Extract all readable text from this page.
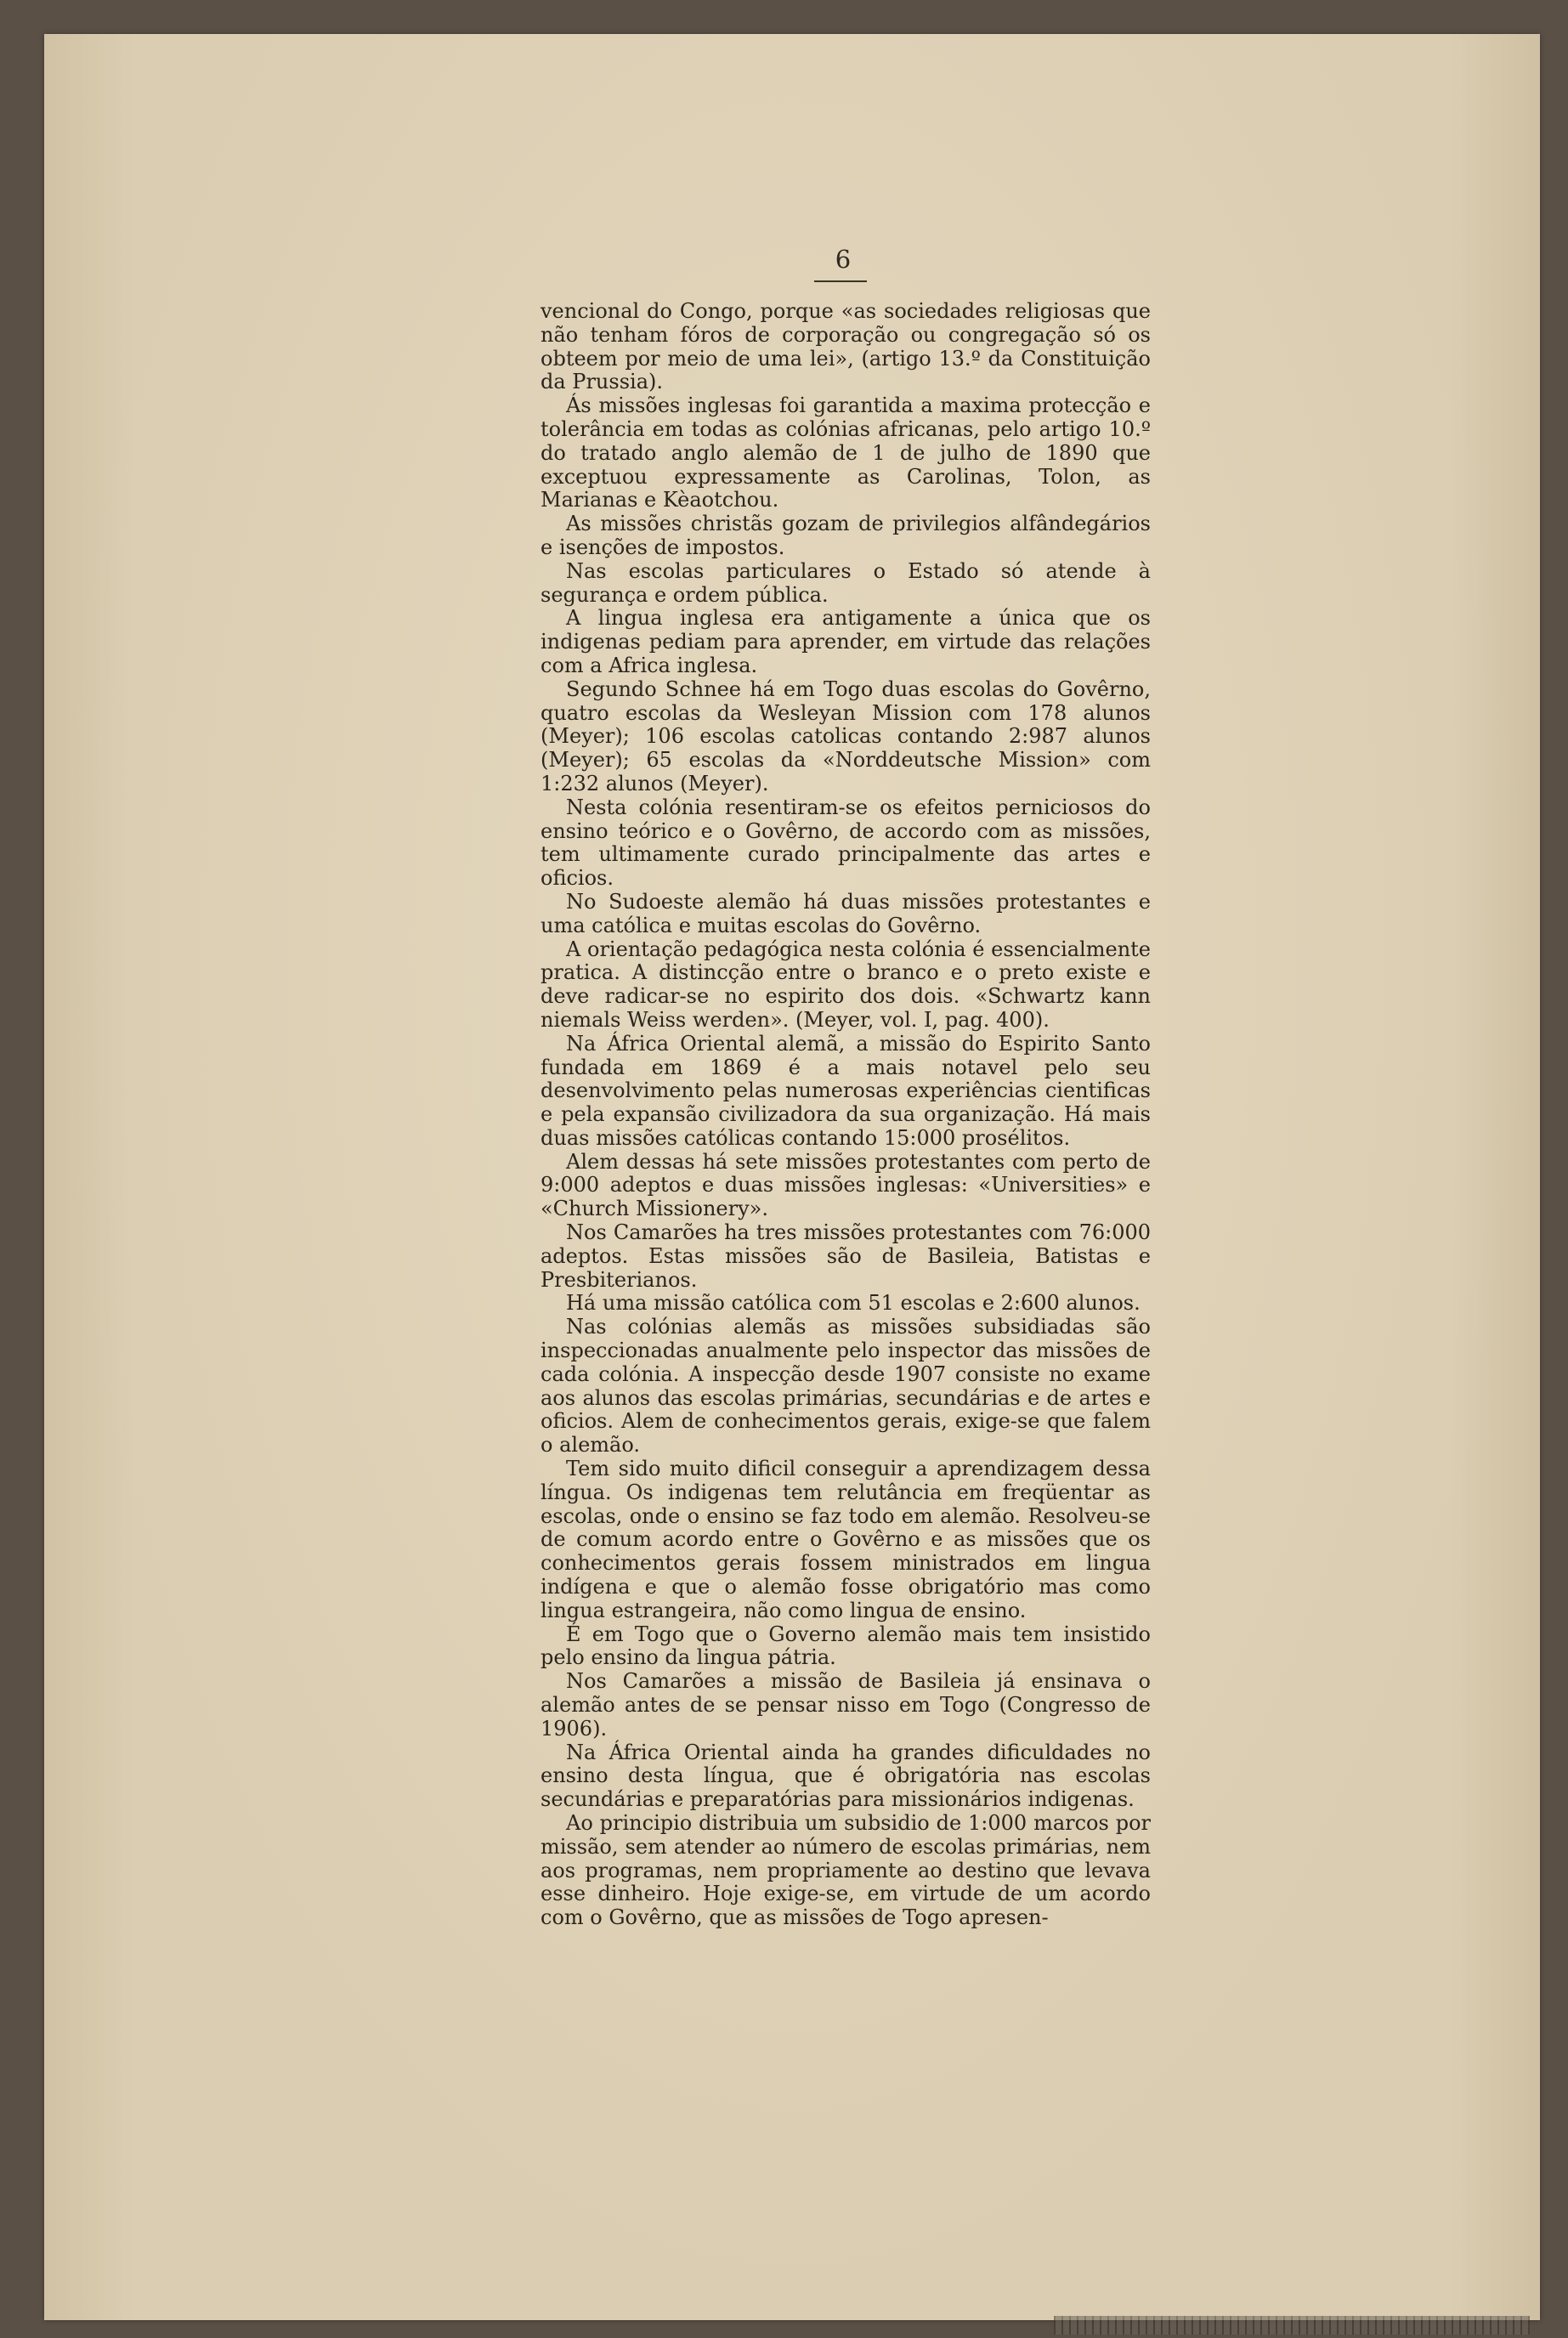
6

vencional do Congo, porque «as sociedades religiosas que não tenham fóros de corporação ou congregação só os obteem por meio de uma lei», (artigo 13.º da Constituição da Prussia).

Ás missões inglesas foi garantida a maxima protecção e tolerância em todas as colónias africanas, pelo artigo 10.º do tratado anglo alemão de 1 de julho de 1890 que exceptuou expressamente as Carolinas, Tolon, as Marianas e Kèaotchou.

As missões christãs gozam de privilegios alfândegários e isenções de impostos.

Nas escolas particulares o Estado só atende à segurança e ordem pública.

A lingua inglesa era antigamente a única que os indigenas pediam para aprender, em virtude das relações com a Africa inglesa.

Segundo Schnee há em Togo duas escolas do Govêrno, quatro escolas da Wesleyan Mission com 178 alunos (Meyer); 106 escolas catolicas contando 2:987 alunos (Meyer); 65 escolas da «Norddeutsche Mission» com 1:232 alunos (Meyer).

Nesta colónia resentiram-se os efeitos perniciosos do ensino teórico e o Govêrno, de accordo com as missões, tem ultimamente curado principalmente das artes e oficios.

No Sudoeste alemão há duas missões protestantes e uma católica e muitas escolas do Govêrno.

A orientação pedagógica nesta colónia é essencialmente pratica. A distincção entre o branco e o preto existe e deve radicar-se no espirito dos dois. «Schwartz kann niemals Weiss werden». (Meyer, vol. I, pag. 400).

Na África Oriental alemã, a missão do Espirito Santo fundada em 1869 é a mais notavel pelo seu desenvolvimento pelas numerosas experiências cientificas e pela expansão civilizadora da sua organização. Há mais duas missões católicas contando 15:000 prosélitos.

Alem dessas há sete missões protestantes com perto de 9:000 adeptos e duas missões inglesas: «Universities» e «Church Missionery».

Nos Camarões ha tres missões protestantes com 76:000 adeptos. Estas missões são de Basileia, Batistas e Presbiterianos.

Há uma missão católica com 51 escolas e 2:600 alunos.

Nas colónias alemãs as missões subsidiadas são inspeccionadas anualmente pelo inspector das missões de cada colónia. A inspecção desde 1907 consiste no exame aos alunos das escolas primárias, secundárias e de artes e oficios. Alem de conhecimentos gerais, exige-se que falem o alemão.

Tem sido muito dificil conseguir a aprendizagem dessa língua. Os indigenas tem relutância em freqüentar as escolas, onde o ensino se faz todo em alemão. Resolveu-se de comum acordo entre o Govêrno e as missões que os conhecimentos gerais fossem ministrados em lingua indígena e que o alemão fosse obrigatório mas como lingua estrangeira, não como lingua de ensino.

É em Togo que o Governo alemão mais tem insistido pelo ensino da lingua pátria.

Nos Camarões a missão de Basileia já ensinava o alemão antes de se pensar nisso em Togo (Congresso de 1906).

Na África Oriental ainda ha grandes dificuldades no ensino desta língua, que é obrigatória nas escolas secundárias e preparatórias para missionários indigenas.

Ao principio distribuia um subsidio de 1:000 marcos por missão, sem atender ao número de escolas primárias, nem aos programas, nem propriamente ao destino que levava esse dinheiro. Hoje exige-se, em virtude de um acordo com o Govêrno, que as missões de Togo apresen-
